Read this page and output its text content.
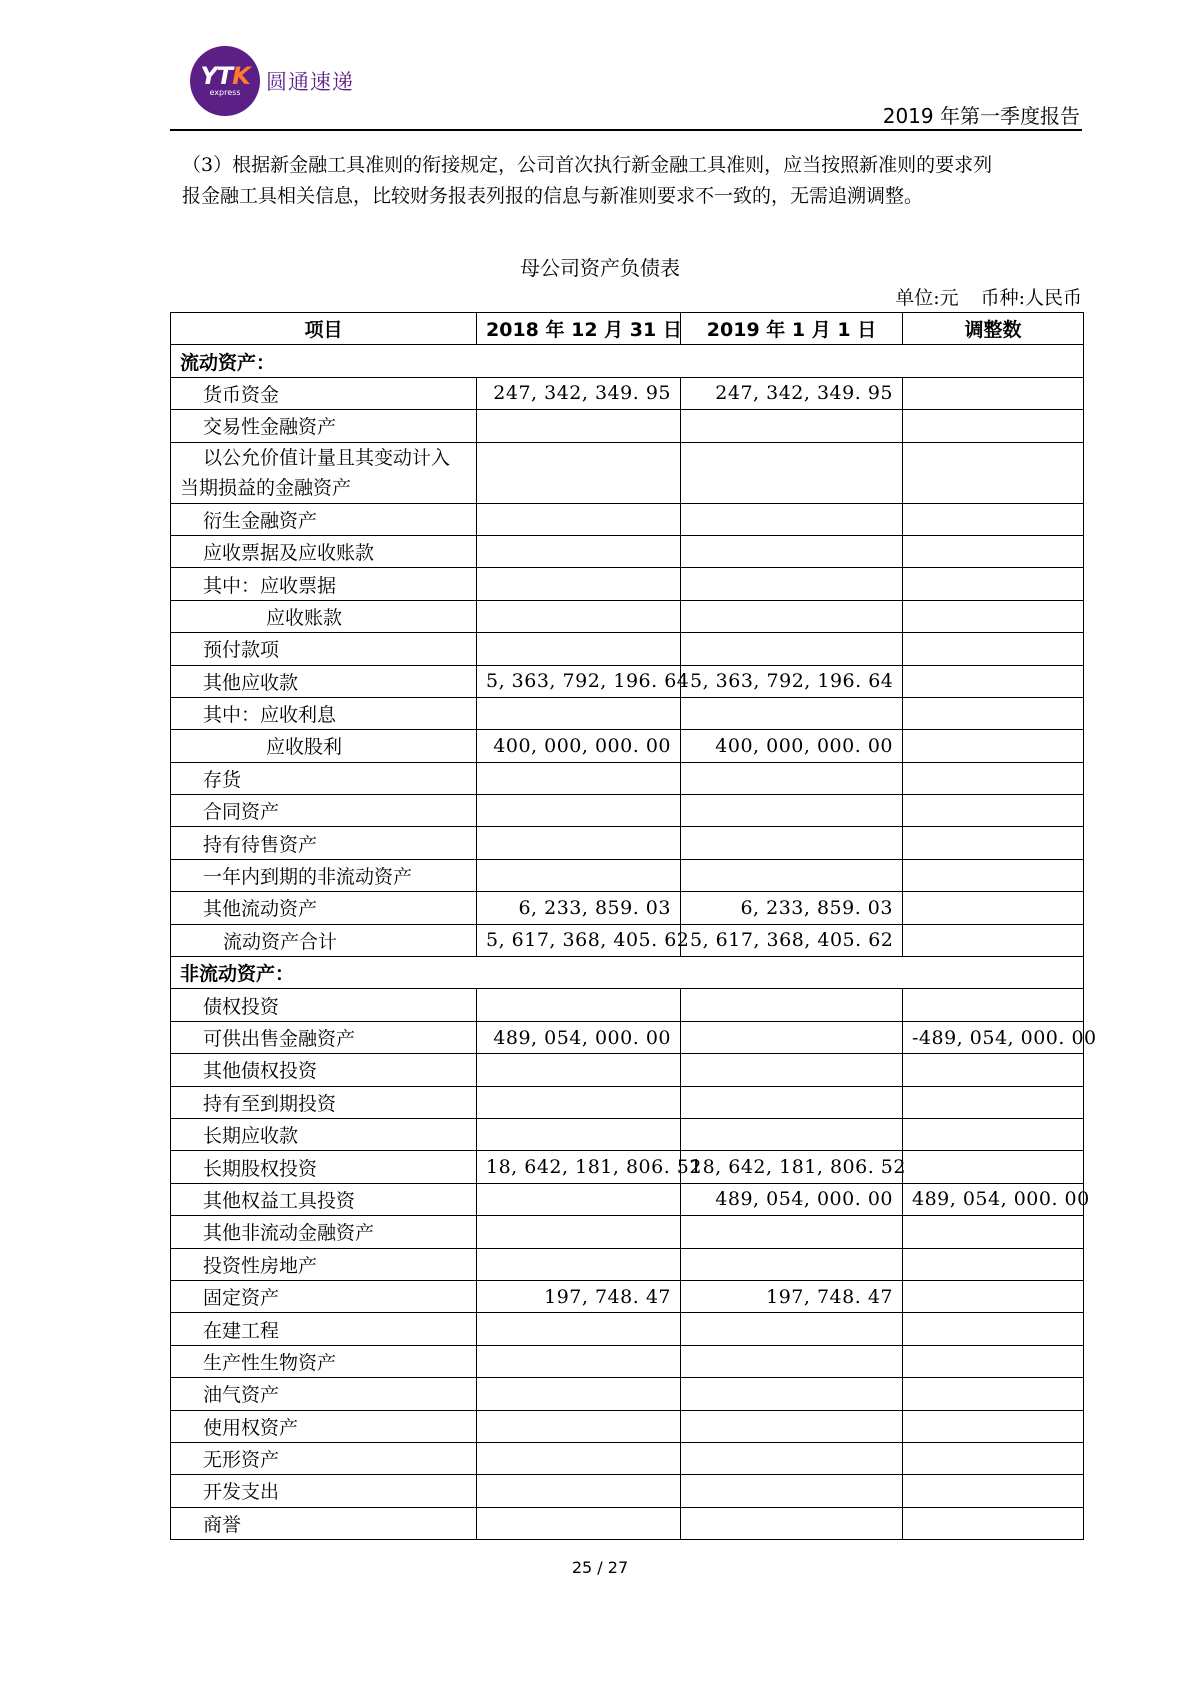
YTK
express 圆通速递
2019 年第一季度报告

（3）根据新金融工具准则的衔接规定，公司首次执行新金融工具准则，应当按照新准则的要求列

报金融工具相关信息，比较财务报表列报的信息与新准则要求不一致的，无需追溯调整。

母公司资产负债表
单位:元 币种:人民币
项目	2018 年 12 月 31 日	2019 年 1 月 1 日	调整数
流动资产：			
货币资金	247, 342, 349. 95	247, 342, 349. 95	
交易性金融资产			
以公允价值计量且其变动计入当期损益的金融资产			
衍生金融资产			
应收票据及应收账款			
其中：应收票据			
应收账款			
预付款项			
其他应收款	5, 363, 792, 196. 64	5, 363, 792, 196. 64	
其中：应收利息			
应收股利	400, 000, 000. 00	400, 000, 000. 00	
存货			
合同资产			
持有待售资产			
一年内到期的非流动资产			
其他流动资产	6, 233, 859. 03	6, 233, 859. 03	
流动资产合计	5, 617, 368, 405. 62	5, 617, 368, 405. 62	
非流动资产：			
债权投资			
可供出售金融资产	489, 054, 000. 00		-489, 054, 000. 00
其他债权投资			
持有至到期投资			
长期应收款			
长期股权投资	18, 642, 181, 806. 52	18, 642, 181, 806. 52	
其他权益工具投资		489, 054, 000. 00	489, 054, 000. 00
其他非流动金融资产			
投资性房地产			
固定资产	197, 748. 47	197, 748. 47	
在建工程			
生产性生物资产			
油气资产			
使用权资产			
无形资产			
开发支出			
商誉			
25 / 27
